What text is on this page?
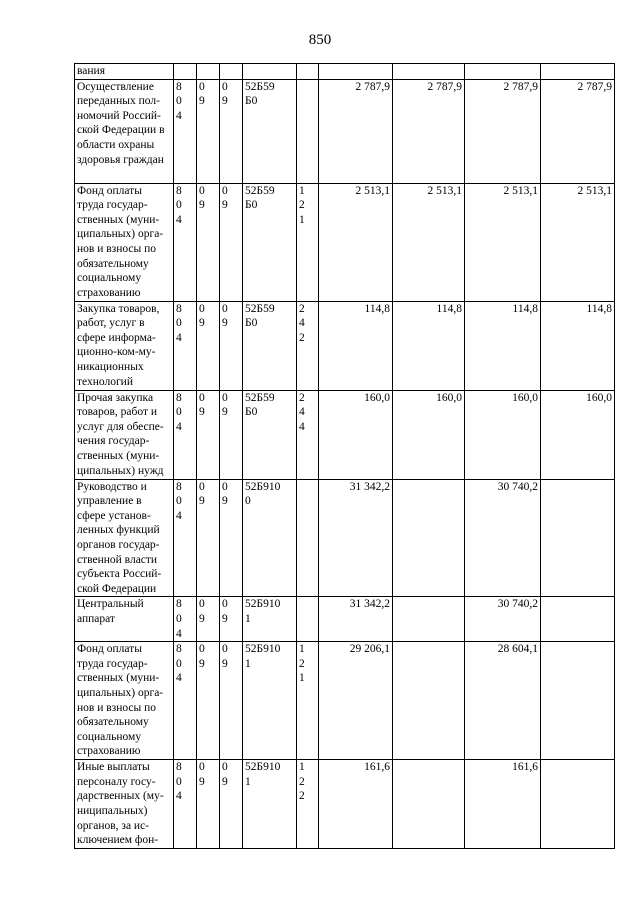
850
вания	

Осуществление переданных пол-номочий Россий-ской Федерации в области охраны здоровья граждан	804	09	09	52Б59Б0		2 787,9	2 787,9	2 787,9	2 787,9
Фонд оплаты труда государ-ственных (муни-ципальных) орга-нов и взносы по обязательному социальному страхованию	804	09	09	52Б59Б0	121	2 513,1	2 513,1	2 513,1	2 513,1
Закупка товаров, работ, услуг в сфере информа-ционно-ком-му-никационных технологий	804	09	09	52Б59Б0	242	114,8	114,8	114,8	114,8
Прочая закупка товаров, работ и услуг для обеспе-чения государ-ственных (муни-ципальных) нужд	804	09	09	52Б59Б0	244	160,0	160,0	160,0	160,0
Руководство и управление в сфере установ-ленных функций органов государ-ственной власти субъекта Россий-ской Федерации	804	09	09	52Б9100		31 342,2		30 740,2	
Центральный аппарат	804	09	09	52Б9101		31 342,2		30 740,2	
Фонд оплаты труда государ-ственных (муни-ципальных) орга-нов и взносы по обязательному социальному страхованию	804	09	09	52Б9101	121	29 206,1		28 604,1	
Иные выплаты персоналу госу-дарственных (му-ниципальных) органов, за ис-ключением фон-	804	09	09	52Б9101	122	161,6		161,6	
